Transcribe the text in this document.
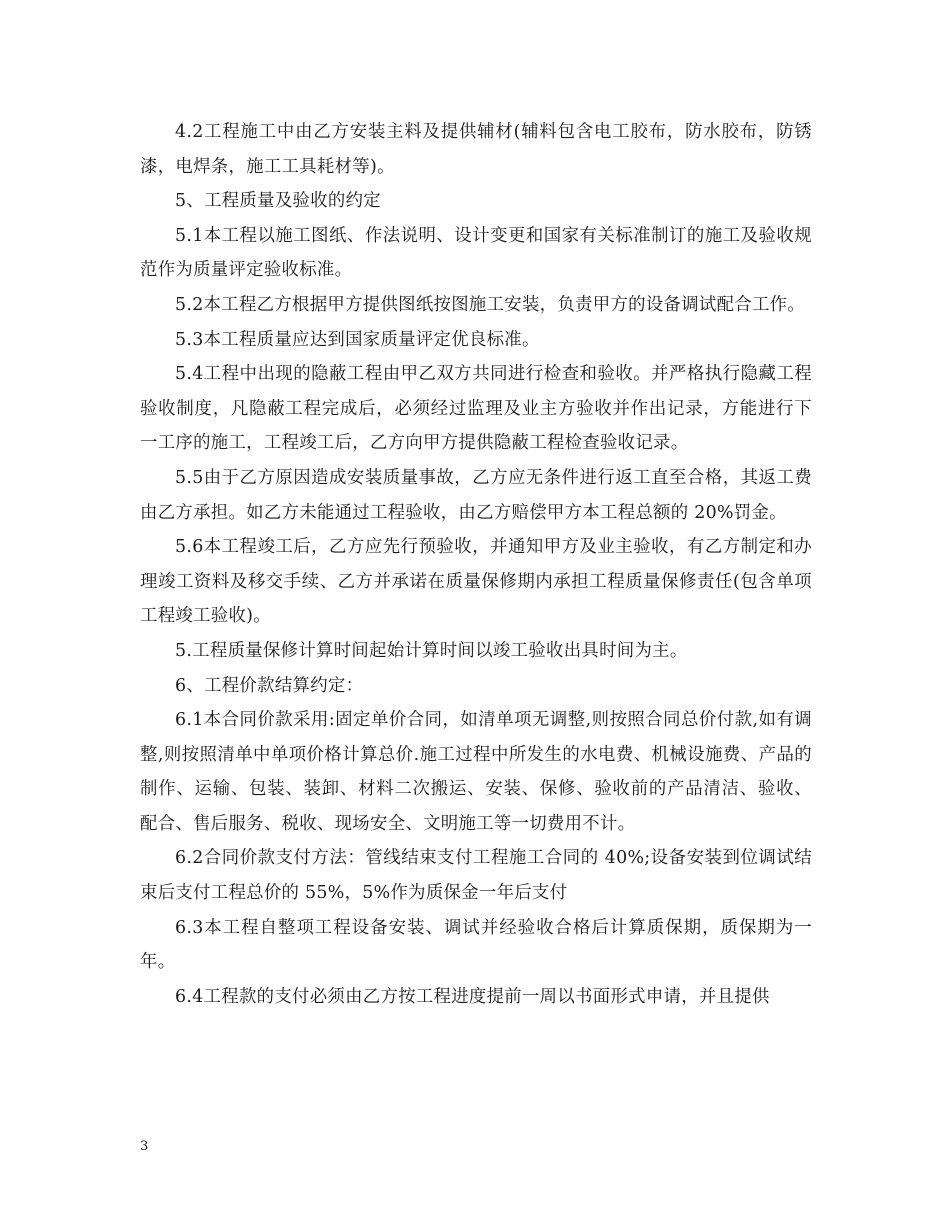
4.2工程施工中由乙方安装主料及提供辅材(辅料包含电工胶布，防水胶布，防锈漆，电焊条，施工工具耗材等)。

5、工程质量及验收的约定

5.1本工程以施工图纸、作法说明、设计变更和国家有关标准制订的施工及验收规范作为质量评定验收标准。

5.2本工程乙方根据甲方提供图纸按图施工安装，负责甲方的设备调试配合工作。

5.3本工程质量应达到国家质量评定优良标准。

5.4工程中出现的隐蔽工程由甲乙双方共同进行检查和验收。并严格执行隐藏工程验收制度，凡隐蔽工程完成后，必须经过监理及业主方验收并作出记录，方能进行下一工序的施工，工程竣工后，乙方向甲方提供隐蔽工程检查验收记录。

5.5由于乙方原因造成安装质量事故，乙方应无条件进行返工直至合格，其返工费由乙方承担。如乙方未能通过工程验收，由乙方赔偿甲方本工程总额的 20%罚金。

5.6本工程竣工后，乙方应先行预验收，并通知甲方及业主验收，有乙方制定和办理竣工资料及移交手续、乙方并承诺在质量保修期内承担工程质量保修责任(包含单项工程竣工验收)。

5.工程质量保修计算时间起始计算时间以竣工验收出具时间为主。

6、工程价款结算约定：

6.1本合同价款采用:固定单价合同，如清单项无调整,则按照合同总价付款,如有调整,则按照清单中单项价格计算总价.施工过程中所发生的水电费、机械设施费、产品的制作、运输、包装、装卸、材料二次搬运、安装、保修、验收前的产品清洁、验收、配合、售后服务、税收、现场安全、文明施工等一切费用不计。

6.2合同价款支付方法：管线结束支付工程施工合同的 40%;设备安装到位调试结束后支付工程总价的 55%，5%作为质保金一年后支付

6.3本工程自整项工程设备安装、调试并经验收合格后计算质保期，质保期为一年。

6.4工程款的支付必须由乙方按工程进度提前一周以书面形式申请，并且提供

3
